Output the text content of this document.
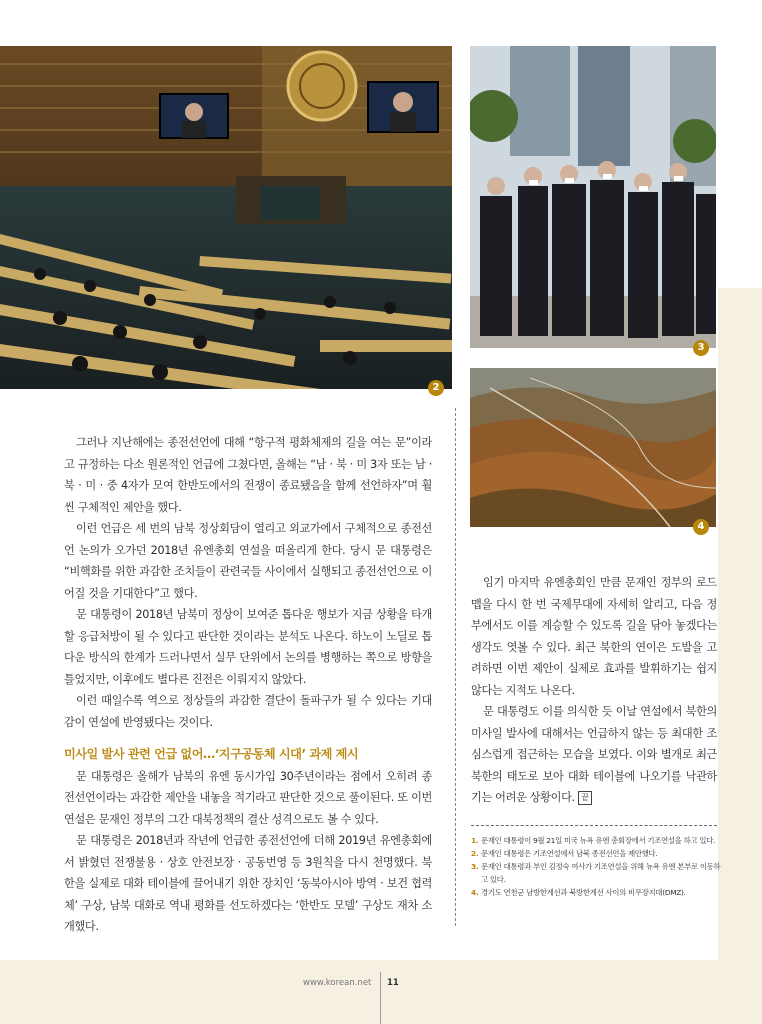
2
3
4

그러나 지난해에는 종전선언에 대해 “항구적 평화체제의 길을 여는 문”이라고 규정하는 다소 원론적인 언급에 그쳤다면, 올해는 “남 · 북 · 미 3자 또는 남 · 북 · 미 · 중 4자가 모여 한반도에서의 전쟁이 종료됐음을 함께 선언하자”며 훨씬 구체적인 제안을 했다.

이런 언급은 세 번의 남북 정상회담이 열리고 외교가에서 구체적으로 종전선언 논의가 오가던 2018년 유엔총회 연설을 떠올리게 한다. 당시 문 대통령은 “비핵화를 위한 과감한 조치들이 관련국들 사이에서 실행되고 종전선언으로 이어질 것을 기대한다”고 했다.

문 대통령이 2018년 남북미 정상이 보여준 톱다운 행보가 지금 상황을 타개할 응급처방이 될 수 있다고 판단한 것이라는 분석도 나온다. 하노이 노딜로 톱다운 방식의 한계가 드러나면서 실무 단위에서 논의를 병행하는 쪽으로 방향을 틀었지만, 이후에도 별다른 진전은 이뤄지지 않았다.

이런 때일수록 역으로 정상들의 과감한 결단이 돌파구가 될 수 있다는 기대감이 연설에 반영됐다는 것이다.

미사일 발사 관련 언급 없어…‘지구공동체 시대’ 과제 제시

문 대통령은 올해가 남북의 유엔 동시가입 30주년이라는 점에서 오히려 종전선언이라는 과감한 제안을 내놓을 적기라고 판단한 것으로 풀이된다. 또 이번 연설은 문재인 정부의 그간 대북정책의 결산 성격으로도 볼 수 있다.

문 대통령은 2018년과 작년에 언급한 종전선언에 더해 2019년 유엔총회에서 밝혔던 전쟁불용 · 상호 안전보장 · 공동번영 등 3원칙을 다시 천명했다. 북한을 실제로 대화 테이블에 끌어내기 위한 장치인 ‘동북아시아 방역 · 보건 협력체’ 구상, 남북 대화로 역내 평화를 선도하겠다는 ‘한반도 모델’ 구상도 재차 소개했다.

임기 마지막 유엔총회인 만큼 문재인 정부의 로드맵을 다시 한 번 국제무대에 자세히 알리고, 다음 정부에서도 이를 계승할 수 있도록 길을 닦아 놓겠다는 생각도 엿볼 수 있다. 최근 북한의 연이은 도발을 고려하면 이번 제안이 실제로 효과를 발휘하기는 쉽지 않다는 지적도 나온다.

문 대통령도 이를 의식한 듯 이날 연설에서 북한의 미사일 발사에 대해서는 언급하지 않는 등 최대한 조심스럽게 접근하는 모습을 보였다. 이와 별개로 최근 북한의 태도로 보아 대화 테이블에 나오기를 낙관하기는 어려운 상황이다. 끝

1. 문재인 대통령이 9월 21일 미국 뉴욕 유엔 총회장에서 기조연설을 하고 있다.
2. 문재인 대통령은 기조연설에서 남북 종전선언을 제안했다.
3. 문재인 대통령과 부인 김정숙 여사가 기조연설을 위해 뉴욕 유엔 본부로 이동하고 있다.
4. 경기도 연천군 남방한계선과 북방한계선 사이의 비무장지대(DMZ).
www.korean.net 11
